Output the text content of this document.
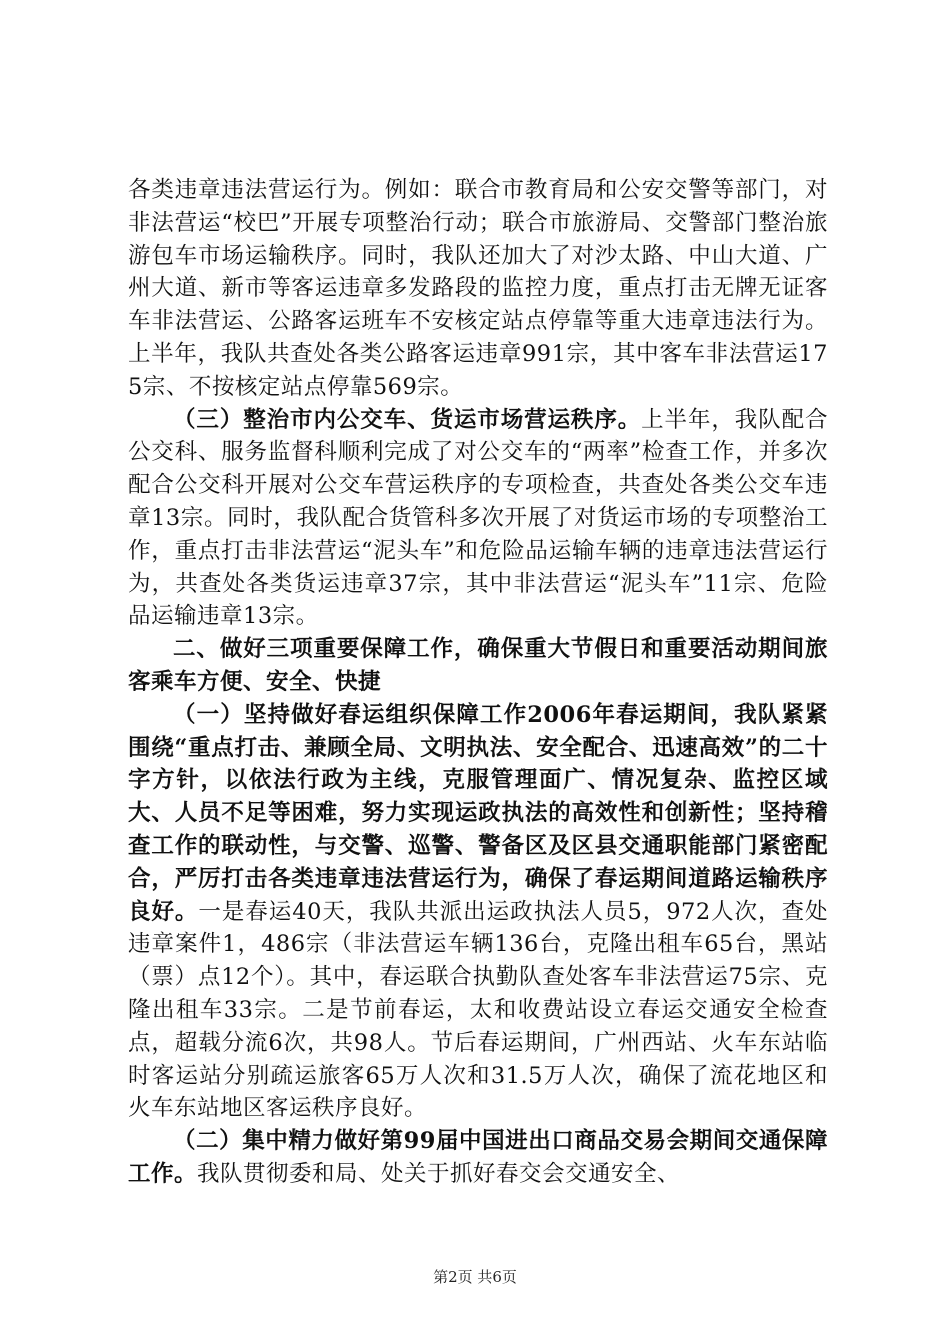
各类违章违法营运行为。例如：联合市教育局和公安交警等部门，对非法营运“校巴”开展专项整治行动；联合市旅游局、交警部门整治旅游包车市场运输秩序。同时，我队还加大了对沙太路、中山大道、广州大道、新市等客运违章多发路段的监控力度，重点打击无牌无证客车非法营运、公路客运班车不安核定站点停靠等重大违章违法行为。上半年，我队共查处各类公路客运违章991宗，其中客车非法营运175宗、不按核定站点停靠569宗。

（三）整治市内公交车、货运市场营运秩序。上半年，我队配合公交科、服务监督科顺利完成了对公交车的“两率”检查工作，并多次配合公交科开展对公交车营运秩序的专项检查，共查处各类公交车违章13宗。同时，我队配合货管科多次开展了对货运市场的专项整治工作，重点打击非法营运“泥头车”和危险品运输车辆的违章违法营运行为，共查处各类货运违章37宗，其中非法营运“泥头车”11宗、危险品运输违章13宗。

二、做好三项重要保障工作，确保重大节假日和重要活动期间旅客乘车方便、安全、快捷

（一）坚持做好春运组织保障工作2006年春运期间，我队紧紧围绕“重点打击、兼顾全局、文明执法、安全配合、迅速高效”的二十字方针，以依法行政为主线，克服管理面广、情况复杂、监控区域大、人员不足等困难，努力实现运政执法的高效性和创新性；坚持稽查工作的联动性，与交警、巡警、警备区及区县交通职能部门紧密配合，严厉打击各类违章违法营运行为，确保了春运期间道路运输秩序良好。一是春运40天，我队共派出运政执法人员5，972人次，查处违章案件1，486宗（非法营运车辆136台，克隆出租车65台，黑站（票）点12个）。其中，春运联合执勤队查处客车非法营运75宗、克隆出租车33宗。二是节前春运，太和收费站设立春运交通安全检查点，超载分流6次，共98人。节后春运期间，广州西站、火车东站临时客运站分别疏运旅客65万人次和31.5万人次，确保了流花地区和火车东站地区客运秩序良好。

（二）集中精力做好第99届中国进出口商品交易会期间交通保障工作。我队贯彻委和局、处关于抓好春交会交通安全、

第2页 共6页
